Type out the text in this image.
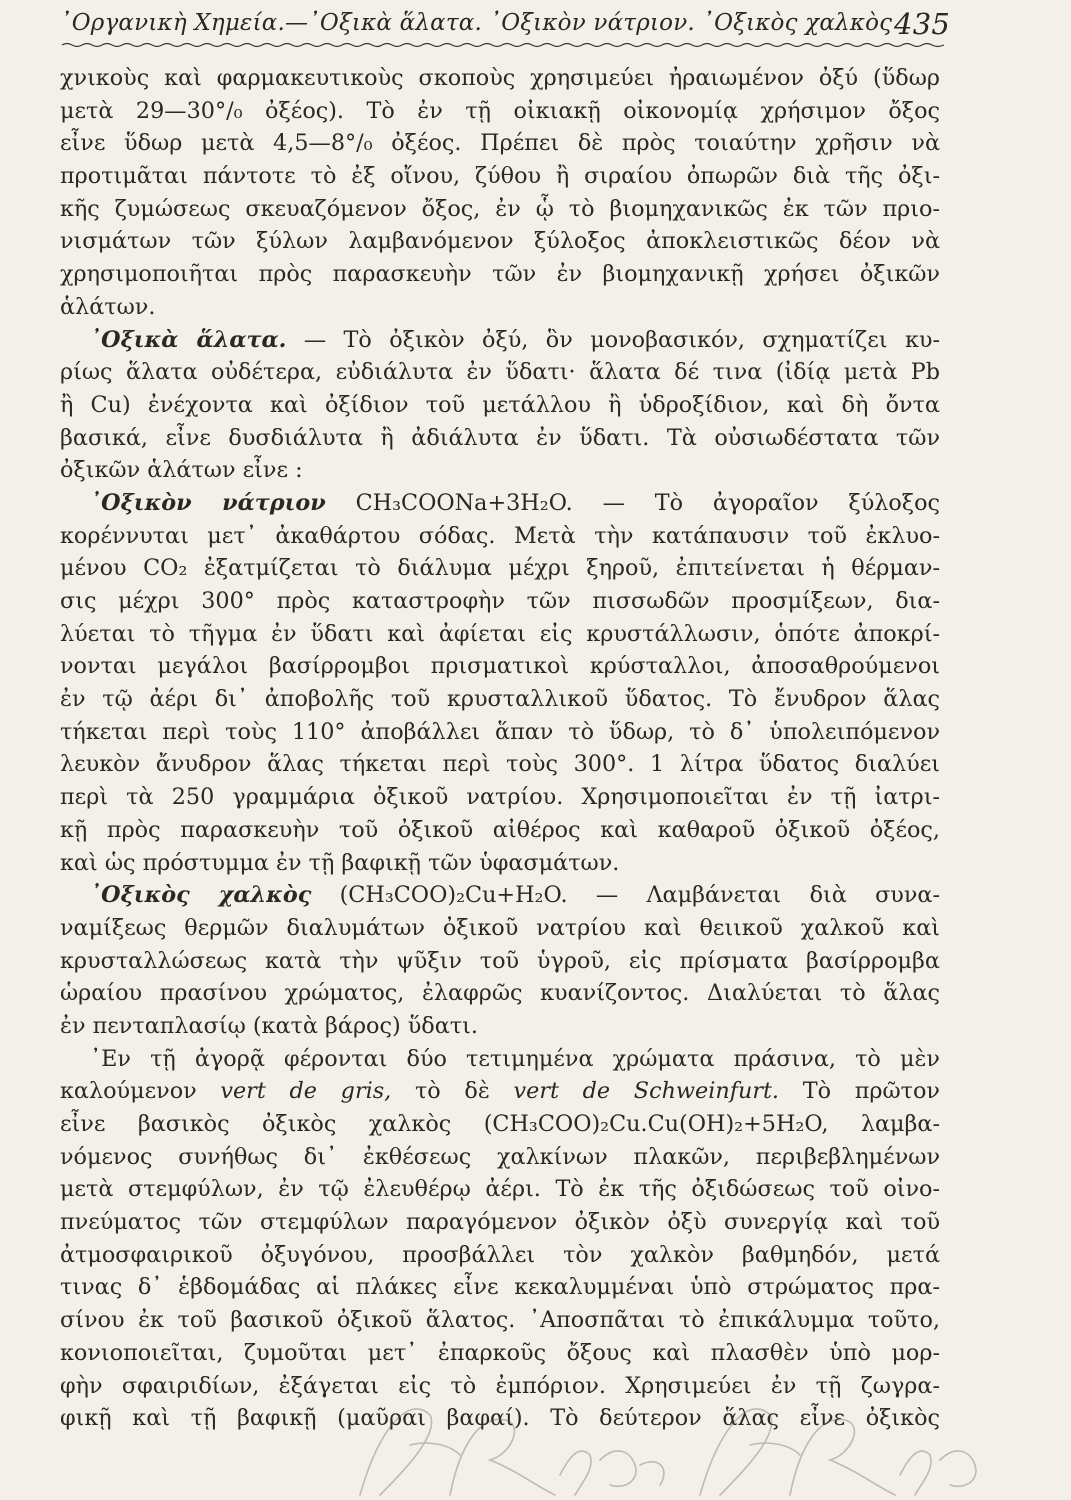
᾿Οργανικὴ Χημεία.—᾿Οξικὰ ἅλατα. ᾿Οξικὸν νάτριον. ᾿Οξικὸς χαλκὸς 435
χνικοὺς καὶ φαρμακευτικοὺς σκοποὺς χρησιμεύει ἠραιωμένον ὀξύ (ὕδωρ
μετὰ 29—30°/₀ ὀξέος). Τὸ ἐν τῇ οἰκιακῇ οἰκονομίᾳ χρήσιμον ὄξος
εἶνε ὕδωρ μετὰ 4,5—8°/₀ ὀξέος. Πρέπει δὲ πρὸς τοιαύτην χρῆσιν νὰ
προτιμᾶται πάντοτε τὸ ἐξ οἴνου, ζύθου ἢ σιραίου ὀπωρῶν διὰ τῆς ὀξι-
κῆς ζυμώσεως σκευαζόμενον ὄξος, ἐν ᾧ τὸ βιομηχανικῶς ἐκ τῶν πριο-
νισμάτων τῶν ξύλων λαμβανόμενον ξύλοξος ἀποκλειστικῶς δέον νὰ
χρησιμοποιῆται πρὸς παρασκευὴν τῶν ἐν βιομηχανικῇ χρήσει ὀξικῶν
ἁλάτων.
᾿Οξικὰ ἅλατα. — Τὸ ὀξικὸν ὀξύ, ὃν μονοβασικόν, σχηματίζει κυ-
ρίως ἅλατα οὐδέτερα, εὐδιάλυτα ἐν ὕδατι· ἅλατα δέ τινα (ἰδίᾳ μετὰ Pb
ἢ Cu) ἐνέχοντα καὶ ὀξίδιον τοῦ μετάλλου ἢ ὑδροξίδιον, καὶ δὴ ὄντα
βασικά, εἶνε δυσδιάλυτα ἢ ἀδιάλυτα ἐν ὕδατι. Τὰ οὐσιωδέστατα τῶν
ὀξικῶν ἁλάτων εἶνε :
᾿Οξικὸν νάτριον CH₃COONa+3H₂O. — Τὸ ἀγοραῖον ξύλοξος
κορέννυται μετ᾿ ἀκαθάρτου σόδας. Μετὰ τὴν κατάπαυσιν τοῦ ἐκλυο-
μένου CO₂ ἐξατμίζεται τὸ διάλυμα μέχρι ξηροῦ, ἐπιτείνεται ἡ θέρμαν-
σις μέχρι 300° πρὸς καταστροφὴν τῶν πισσωδῶν προσμίξεων, δια-
λύεται τὸ τῆγμα ἐν ὕδατι καὶ ἀφίεται εἰς κρυστάλλωσιν, ὁπότε ἀποκρί-
νονται μεγάλοι βασίρρομβοι πρισματικοὶ κρύσταλλοι, ἀποσαθρούμενοι
ἐν τῷ ἀέρι δι᾿ ἀποβολῆς τοῦ κρυσταλλικοῦ ὕδατος. Τὸ ἔνυδρον ἅλας
τήκεται περὶ τοὺς 110° ἀποβάλλει ἅπαν τὸ ὕδωρ, τὸ δ᾿ ὑπολειπόμενον
λευκὸν ἄνυδρον ἅλας τήκεται περὶ τοὺς 300°. 1 λίτρα ὕδατος διαλύει
περὶ τὰ 250 γραμμάρια ὀξικοῦ νατρίου. Χρησιμοποιεῖται ἐν τῇ ἰατρι-
κῇ πρὸς παρασκευὴν τοῦ ὀξικοῦ αἰθέρος καὶ καθαροῦ ὀξικοῦ ὀξέος,
καὶ ὡς πρόστυμμα ἐν τῇ βαφικῇ τῶν ὑφασμάτων.
᾿Οξικὸς χαλκὸς (CH₃COO)₂Cu+H₂O. — Λαμβάνεται διὰ συνα-
ναμίξεως θερμῶν διαλυμάτων ὀξικοῦ νατρίου καὶ θειικοῦ χαλκοῦ καὶ
κρυσταλλώσεως κατὰ τὴν ψῦξιν τοῦ ὑγροῦ, εἰς πρίσματα βασίρρομβα
ὡραίου πρασίνου χρώματος, ἐλαφρῶς κυανίζοντος. Διαλύεται τὸ ἅλας
ἐν πενταπλασίῳ (κατὰ βάρος) ὕδατι.
᾿Εν τῇ ἀγορᾷ φέρονται δύο τετιμημένα χρώματα πράσινα, τὸ μὲν
καλούμενον vert de gris, τὸ δὲ vert de Schweinfurt. Τὸ πρῶτον
εἶνε βασικὸς ὀξικὸς χαλκὸς (CH₃COO)₂Cu.Cu(OH)₂+5H₂O, λαμβα-
νόμενος συνήθως δι᾿ ἐκθέσεως χαλκίνων πλακῶν, περιβεβλημένων
μετὰ στεμφύλων, ἐν τῷ ἐλευθέρῳ ἀέρι. Τὸ ἐκ τῆς ὀξιδώσεως τοῦ οἰνο-
πνεύματος τῶν στεμφύλων παραγόμενον ὀξικὸν ὀξὺ συνεργίᾳ καὶ τοῦ
ἀτμοσφαιρικοῦ ὀξυγόνου, προσβάλλει τὸν χαλκὸν βαθμηδόν, μετά
τινας δ᾿ ἑβδομάδας αἱ πλάκες εἶνε κεκαλυμμέναι ὑπὸ στρώματος πρα-
σίνου ἐκ τοῦ βασικοῦ ὀξικοῦ ἅλατος. ᾿Αποσπᾶται τὸ ἐπικάλυμμα τοῦτο,
κονιοποιεῖται, ζυμοῦται μετ᾿ ἐπαρκοῦς ὄξους καὶ πλασθὲν ὑπὸ μορ-
φὴν σφαιριδίων, ἐξάγεται εἰς τὸ ἐμπόριον. Χρησιμεύει ἐν τῇ ζωγρα-
φικῇ καὶ τῇ βαφικῇ (μαῦραι βαφαί). Τὸ δεύτερον ἅλας εἶνε ὀξικὸς
